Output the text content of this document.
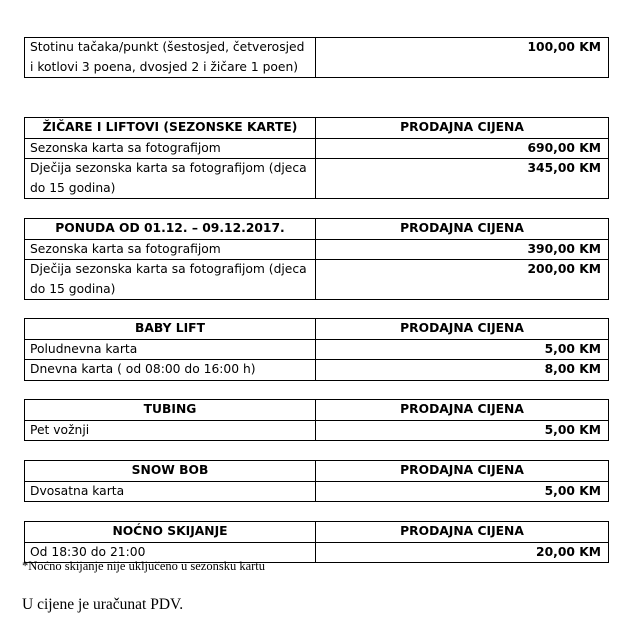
Stotinu tačaka/punkt (šestosjed, četverosjed i kotlovi 3 poena, dvosjed 2 i žičare 1 poen)	100,00 KM
ŽIČARE I LIFTOVI (SEZONSKE KARTE)	PRODAJNA CIJENA
Sezonska karta sa fotografijom	690,00 KM
Dječija sezonska karta sa fotografijom (djeca do 15 godina)	345,00 KM
PONUDA OD 01.12. – 09.12.2017.	PRODAJNA CIJENA
Sezonska karta sa fotografijom	390,00 KM
Dječija sezonska karta sa fotografijom (djeca do 15 godina)	200,00 KM
BABY LIFT	PRODAJNA CIJENA
Poludnevna karta	5,00 KM
Dnevna karta ( od 08:00 do 16:00 h)	8,00 KM
TUBING	PRODAJNA CIJENA
Pet vožnji	5,00 KM
SNOW BOB	PRODAJNA CIJENA
Dvosatna karta	5,00 KM
NOĆNO SKIJANJE	PRODAJNA CIJENA
Od 18:30 do 21:00	20,00 KM
*Noćno skijanje nije uključeno u sezonsku kartu
U cijene je uračunat PDV.
